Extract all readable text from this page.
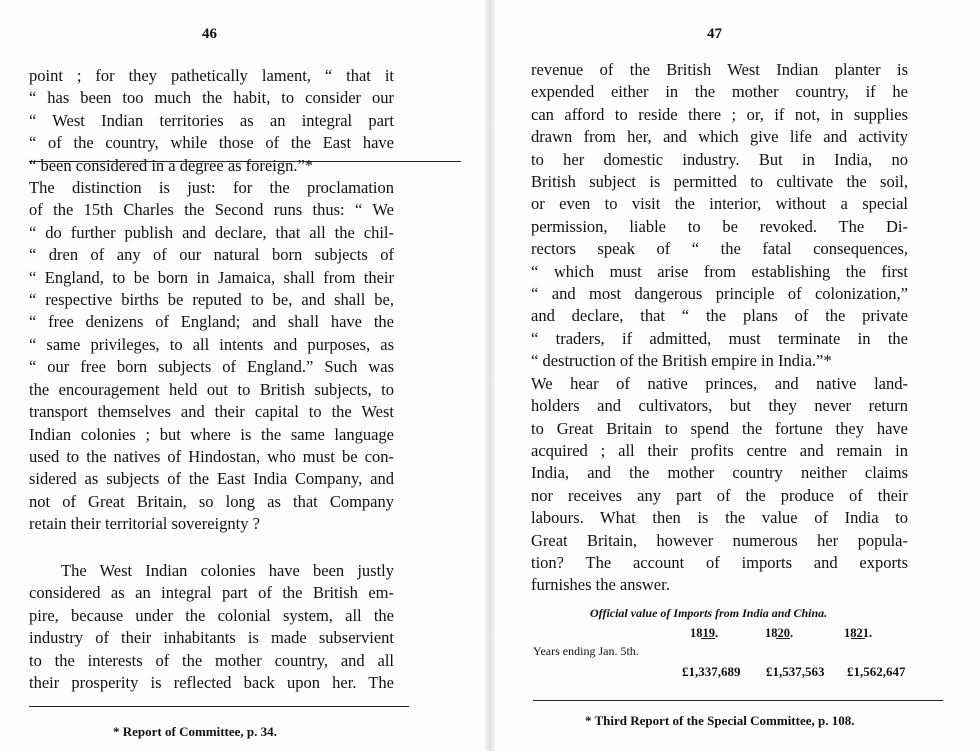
46
point ; for they pathetically lament, “ that it
“ has been too much the habit, to consider our
“ West Indian territories as an integral part
“ of the country, while those of the East have
“ been considered in a degree as foreign.”*
The distinction is just: for the proclamation
of the 15th Charles the Second runs thus: “ We
“ do further publish and declare, that all the chil-
“ dren of any of our natural born subjects of
“ England, to be born in Jamaica, shall from their
“ respective births be reputed to be, and shall be,
“ free denizens of England; and shall have the
“ same privileges, to all intents and purposes, as
“ our free born subjects of England.” Such was
the encouragement held out to British subjects, to
transport themselves and their capital to the West
Indian colonies ; but where is the same language
used to the natives of Hindostan, who must be con-
sidered as subjects of the East India Company, and
not of Great Britain, so long as that Company
retain their territorial sovereignty ?
The West Indian colonies have been justly
considered as an integral part of the British em-
pire, because under the colonial system, all the
industry of their inhabitants is made subservient
to the interests of the mother country, and all
their prosperity is reflected back upon her. The
* Report of Committee, p. 34.
47
revenue of the British West Indian planter is
expended either in the mother country, if he
can afford to reside there ; or, if not, in supplies
drawn from her, and which give life and activity
to her domestic industry. But in India, no
British subject is permitted to cultivate the soil,
or even to visit the interior, without a special
permission, liable to be revoked. The Di-
rectors speak of “ the fatal consequences,
“ which must arise from establishing the first
“ and most dangerous principle of colonization,”
and declare, that “ the plans of the private
“ traders, if admitted, must terminate in the
“ destruction of the British empire in India.”*
We hear of native princes, and native land-
holders and cultivators, but they never return
to Great Britain to spend the fortune they have
acquired ; all their profits centre and remain in
India, and the mother country neither claims
nor receives any part of the produce of their
labours. What then is the value of India to
Great Britain, however numerous her popula-
tion? The account of imports and exports
furnishes the answer.
Official value of Imports from India and China.
1819.	1820.	1821.
Years ending Jan. 5th.
£1,337,689 £1,537,563 £1,562,647
* Third Report of the Special Committee, p. 108.
